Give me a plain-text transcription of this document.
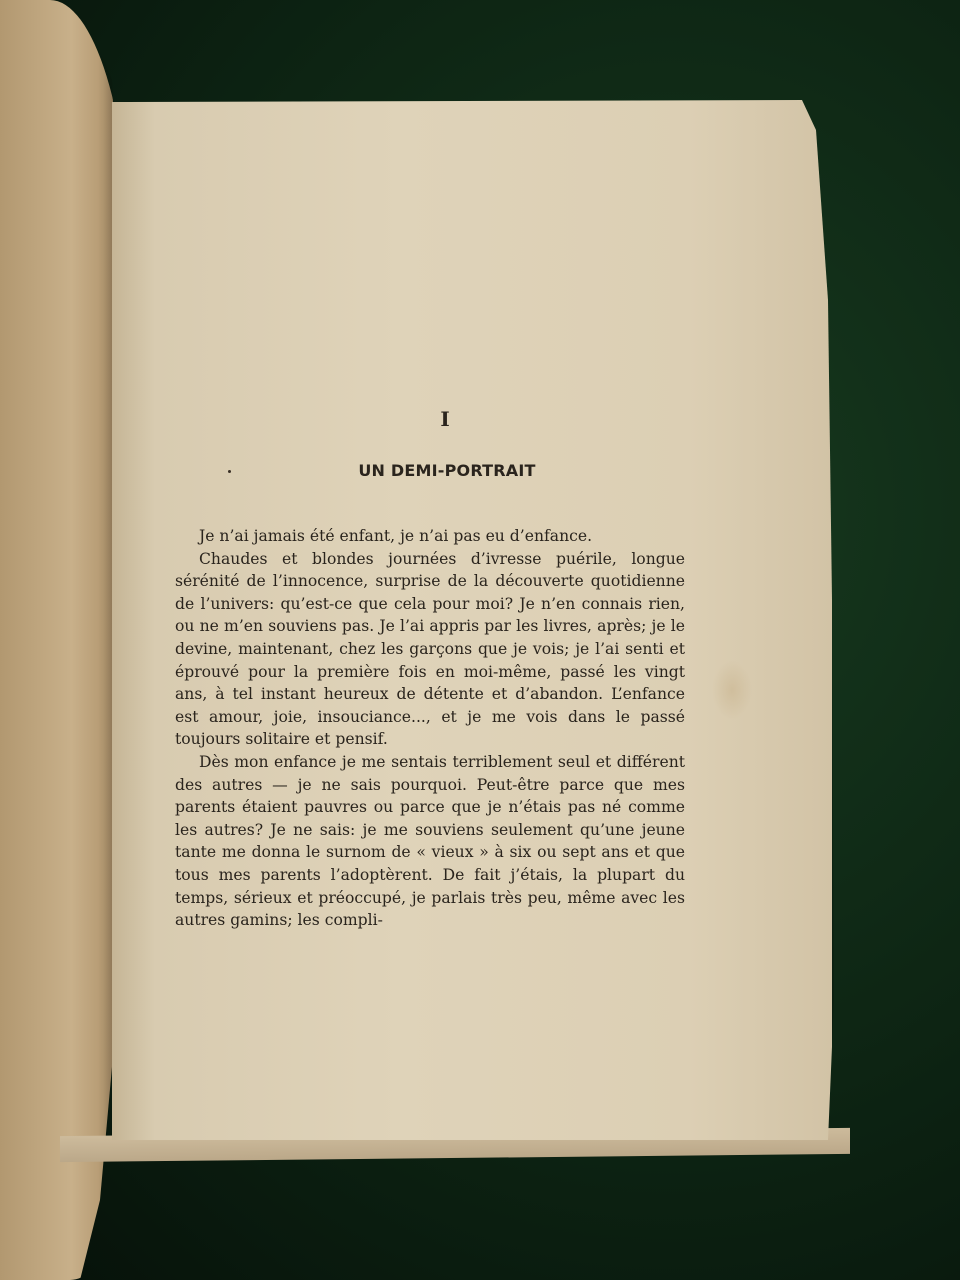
I
UN DEMI-PORTRAIT

Je n’ai jamais été enfant, je n’ai pas eu d’enfance.

Chaudes et blondes journées d’ivresse puérile, longue sérénité de l’innocence, surprise de la découverte quotidienne de l’univers: qu’est-ce que cela pour moi? Je n’en connais rien, ou ne m’en souviens pas. Je l’ai appris par les livres, après; je le devine, maintenant, chez les garçons que je vois; je l’ai senti et éprouvé pour la première fois en moi-même, passé les vingt ans, à tel instant heureux de détente et d’abandon. L’enfance est amour, joie, insouciance..., et je me vois dans le passé toujours solitaire et pensif.

Dès mon enfance je me sentais terriblement seul et différent des autres — je ne sais pourquoi. Peut-être parce que mes parents étaient pauvres ou parce que je n’étais pas né comme les autres? Je ne sais: je me souviens seulement qu’une jeune tante me donna le surnom de « vieux » à six ou sept ans et que tous mes parents l’adoptèrent. De fait j’étais, la plupart du temps, sérieux et préoccupé, je parlais très peu, même avec les autres gamins; les compli-
